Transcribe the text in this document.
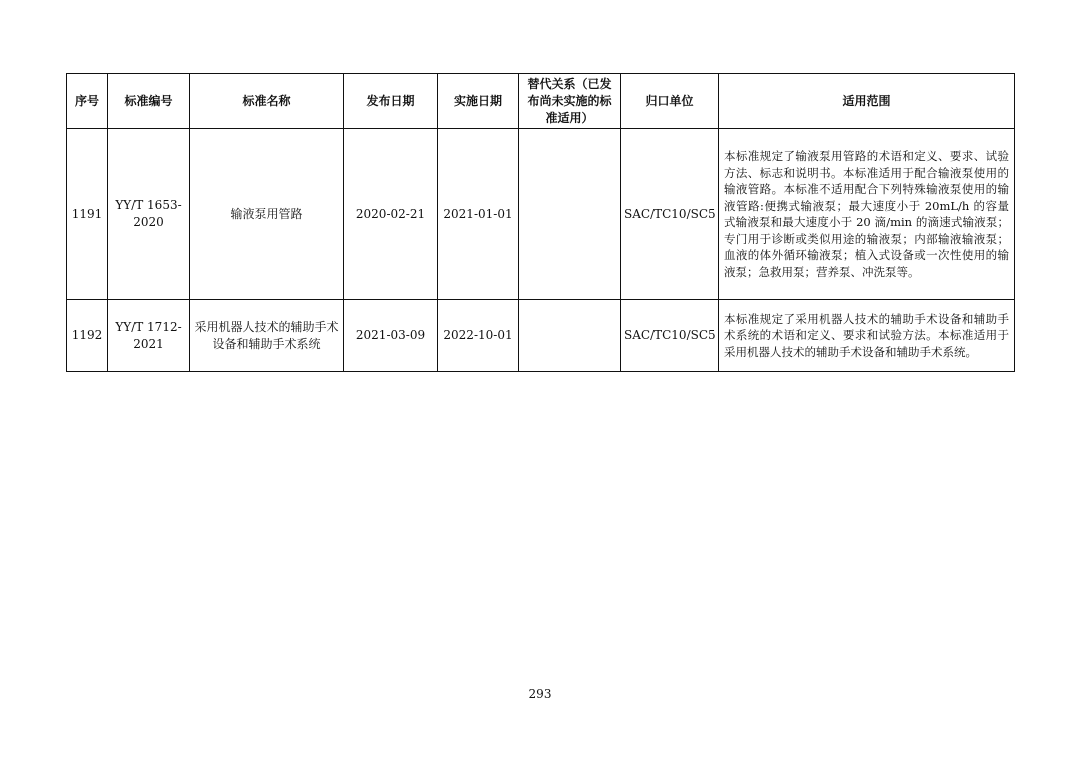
序号	标准编号	标准名称	发布日期	实施日期	替代关系（已发布尚未实施的标准适用）	归口单位	适用范围
1191	YY/T 1653-2020	输液泵用管路	2020-02-21	2021-01-01		SAC/TC10/SC5	本标准规定了输液泵用管路的术语和定义、要求、试验方法、标志和说明书。本标准适用于配合输液泵使用的输液管路。本标准不适用配合下列特殊输液泵使用的输液管路:便携式输液泵；最大速度小于 20mL/h 的容量式输液泵和最大速度小于 20 滴/min 的滴速式输液泵；专门用于诊断或类似用途的输液泵；内部输液输液泵；血液的体外循环输液泵；植入式设备或一次性使用的输液泵；急救用泵；营养泵、冲洗泵等。
1192	YY/T 1712-2021	采用机器人技术的辅助手术设备和辅助手术系统	2021-03-09	2022-10-01		SAC/TC10/SC5	本标准规定了采用机器人技术的辅助手术设备和辅助手术系统的术语和定义、要求和试验方法。本标准适用于采用机器人技术的辅助手术设备和辅助手术系统。
293
